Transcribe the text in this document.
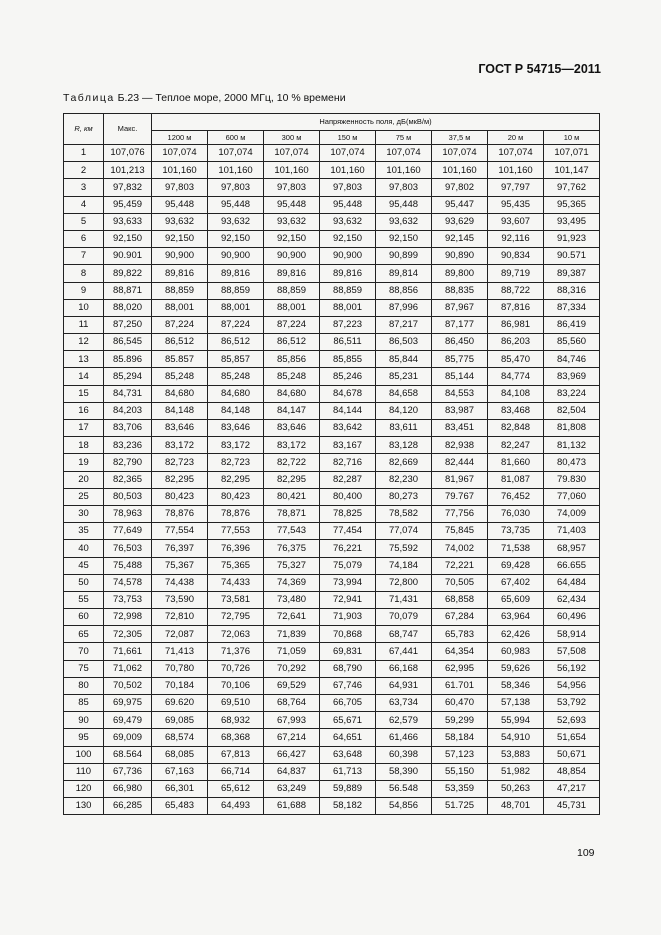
ГОСТ Р 54715—2011
Таблица Б.23 — Теплое море, 2000 МГц, 10 % времени
R, км	Макс.	Напряженность поля, дБ(мкВ/м)							
		1200 м	600 м	300 м	150 м	75 м	37,5 м	20 м	10 м
1	107,076	107,074	107,074	107,074	107,074	107,074	107,074	107,074	107,071
2	101,213	101,160	101,160	101,160	101,160	101,160	101,160	101,160	101,147
3	97,832	97,803	97,803	97,803	97,803	97,803	97,802	97,797	97,762
4	95,459	95,448	95,448	95,448	95,448	95,448	95,447	95,435	95,365
5	93,633	93,632	93,632	93,632	93,632	93,632	93,629	93,607	93,495
6	92,150	92,150	92,150	92,150	92,150	92,150	92,145	92,116	91,923
7	90.901	90,900	90,900	90,900	90,900	90,899	90,890	90,834	90.571
8	89,822	89,816	89,816	89,816	89,816	89,814	89,800	89,719	89,387
9	88,871	88,859	88,859	88,859	88,859	88,856	88,835	88,722	88,316
10	88,020	88,001	88,001	88,001	88,001	87,996	87,967	87,816	87,334
11	87,250	87,224	87,224	87,224	87,223	87,217	87,177	86,981	86,419
12	86,545	86,512	86,512	86,512	86,511	86,503	86,450	86,203	85,560
13	85.896	85.857	85,857	85,856	85,855	85,844	85,775	85,470	84,746
14	85,294	85,248	85,248	85,248	85,246	85,231	85,144	84,774	83,969
15	84,731	84,680	84,680	84,680	84,678	84,658	84,553	84,108	83,224
16	84,203	84,148	84,148	84,147	84,144	84,120	83,987	83,468	82,504
17	83,706	83,646	83,646	83,646	83,642	83,611	83,451	82,848	81,808
18	83,236	83,172	83,172	83,172	83,167	83,128	82,938	82,247	81,132
19	82,790	82,723	82,723	82,722	82,716	82,669	82,444	81,660	80,473
20	82,365	82,295	82,295	82,295	82,287	82,230	81,967	81,087	79.830
25	80,503	80,423	80,423	80,421	80,400	80,273	79.767	76,452	77,060
30	78,963	78,876	78,876	78,871	78,825	78,582	77,756	76,030	74,009
35	77,649	77,554	77,553	77,543	77,454	77,074	75,845	73,735	71,403
40	76,503	76,397	76,396	76,375	76,221	75,592	74,002	71,538	68,957
45	75,488	75,367	75,365	75,327	75,079	74,184	72,221	69,428	66.655
50	74,578	74,438	74,433	74,369	73,994	72,800	70,505	67,402	64,484
55	73,753	73,590	73,581	73,480	72,941	71,431	68,858	65,609	62,434
60	72,998	72,810	72,795	72,641	71,903	70,079	67,284	63,964	60,496
65	72,305	72,087	72,063	71,839	70,868	68,747	65,783	62,426	58,914
70	71,661	71,413	71,376	71,059	69,831	67,441	64,354	60,983	57,508
75	71,062	70,780	70,726	70,292	68,790	66,168	62,995	59,626	56,192
80	70,502	70,184	70,106	69,529	67,746	64,931	61.701	58,346	54,956
85	69,975	69.620	69,510	68,764	66,705	63,734	60,470	57,138	53,792
90	69,479	69,085	68,932	67,993	65,671	62,579	59,299	55,994	52,693
95	69,009	68,574	68,368	67,214	64,651	61,466	58,184	54,910	51,654
100	68.564	68,085	67,813	66,427	63,648	60,398	57,123	53,883	50,671
110	67,736	67,163	66,714	64,837	61,713	58,390	55,150	51,982	48,854
120	66,980	66,301	65,612	63,249	59,889	56.548	53,359	50,263	47,217
130	66,285	65,483	64,493	61,688	58,182	54,856	51.725	48,701	45,731
109
